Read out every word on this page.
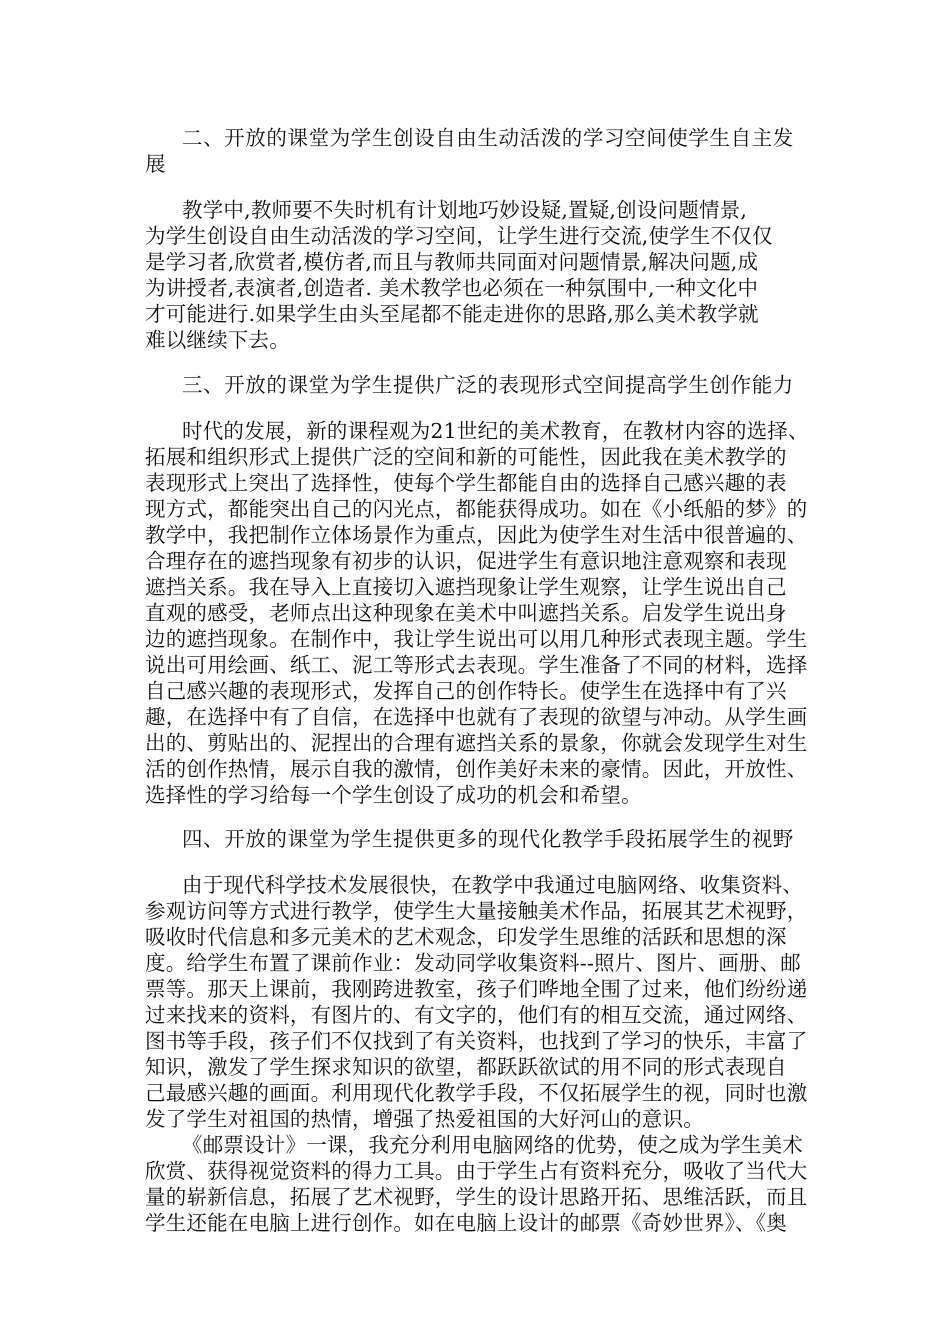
二、开放的课堂为学生创设自由生动活泼的学习空间使学生自主发
展
教学中,教师要不失时机有计划地巧妙设疑,置疑,创设问题情景,
为学生创设自由生动活泼的学习空间，让学生进行交流,使学生不仅仅
是学习者,欣赏者,模仿者,而且与教师共同面对问题情景,解决问题,成
为讲授者,表演者,创造者. 美术教学也必须在一种氛围中,一种文化中
才可能进行.如果学生由头至尾都不能走进你的思路,那么美术教学就
难以继续下去。
三、开放的课堂为学生提供广泛的表现形式空间提高学生创作能力
时代的发展，新的课程观为21世纪的美术教育，在教材内容的选择、
拓展和组织形式上提供广泛的空间和新的可能性，因此我在美术教学的
表现形式上突出了选择性，使每个学生都能自由的选择自己感兴趣的表
现方式，都能突出自己的闪光点，都能获得成功。如在《小纸船的梦》的
教学中，我把制作立体场景作为重点，因此为使学生对生活中很普遍的、
合理存在的遮挡现象有初步的认识，促进学生有意识地注意观察和表现
遮挡关系。我在导入上直接切入遮挡现象让学生观察，让学生说出自己
直观的感受，老师点出这种现象在美术中叫遮挡关系。启发学生说出身
边的遮挡现象。在制作中，我让学生说出可以用几种形式表现主题。学生
说出可用绘画、纸工、泥工等形式去表现。学生准备了不同的材料，选择
自己感兴趣的表现形式，发挥自己的创作特长。使学生在选择中有了兴
趣，在选择中有了自信，在选择中也就有了表现的欲望与冲动。从学生画
出的、剪贴出的、泥捏出的合理有遮挡关系的景象，你就会发现学生对生
活的创作热情，展示自我的激情，创作美好未来的豪情。因此，开放性、
选择性的学习给每一个学生创设了成功的机会和希望。
四、开放的课堂为学生提供更多的现代化教学手段拓展学生的视野
由于现代科学技术发展很快，在教学中我通过电脑网络、收集资料、
参观访问等方式进行教学，使学生大量接触美术作品，拓展其艺术视野，
吸收时代信息和多元美术的艺术观念，印发学生思维的活跃和思想的深
度。给学生布置了课前作业：发动同学收集资料--照片、图片、画册、邮
票等。那天上课前，我刚跨进教室，孩子们哗地全围了过来，他们纷纷递
过来找来的资料，有图片的、有文字的，他们有的相互交流，通过网络、
图书等手段，孩子们不仅找到了有关资料，也找到了学习的快乐，丰富了
知识，激发了学生探求知识的欲望，都跃跃欲试的用不同的形式表现自
己最感兴趣的画面。利用现代化教学手段，不仅拓展学生的视，同时也激
发了学生对祖国的热情，增强了热爱祖国的大好河山的意识。
《邮票设计》一课，我充分利用电脑网络的优势，使之成为学生美术
欣赏、获得视觉资料的得力工具。由于学生占有资料充分，吸收了当代大
量的崭新信息，拓展了艺术视野，学生的设计思路开拓、思维活跃，而且
学生还能在电脑上进行创作。如在电脑上设计的邮票《奇妙世界》、《奥
